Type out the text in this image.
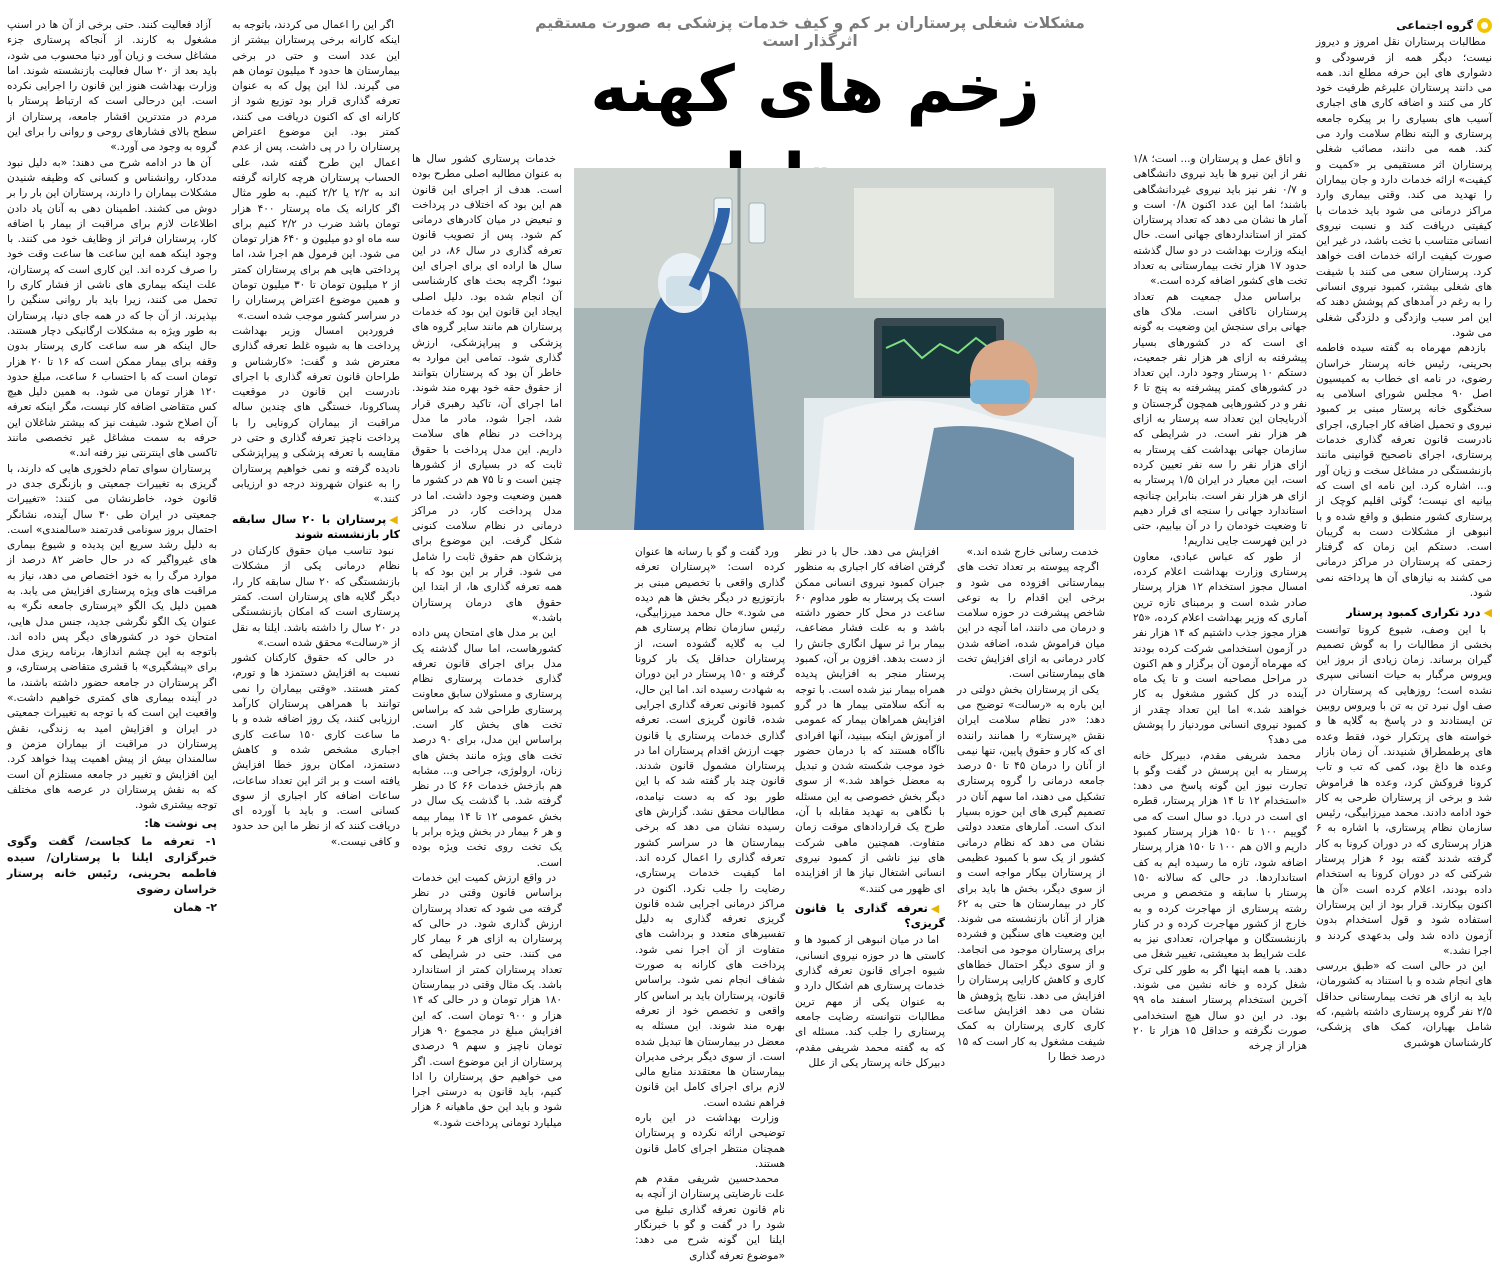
مشکلات شغلی پرستاران بر کم و کیف خدمات پزشکی به صورت مستقیم اثرگذار است
زخم های کهنه
گروه اجتماعی

مطالبات پرستاران نقل امروز و دیروز نیست؛ دیگر همه از فرسودگی و دشواری های این حرفه مطلع اند. همه می دانند پرستاران علیرغم ظرفیت خود کار می کنند و اضافه کاری های اجباری آسیب های بسیاری را بر پیکره جامعه پرستاری و البته نظام سلامت وارد می کند. همه می دانند، مصائب شغلی پرستاران اثر مستقیمی بر «کمیت و کیفیت» ارائه خدمات دارد و جان بیماران را تهدید می کند. وقتی بیماری وارد مراکز درمانی می شود باید خدمات با کیفیتی دریافت کند و نسبت نیروی انسانی متناسب با تخت باشد، در غیر این صورت کیفیت ارائه خدمات افت خواهد کرد. پرستاران سعی می کنند با شیفت های شغلی بیشتر، کمبود نیروی انسانی را به رغم در آمدهای کم پوشش دهند که این امر سبب وازدگی و دلزدگی شغلی می شود.

بازدهم مهرماه به گفته سیده فاطمه بحرینی، رئیس خانه پرستار خراسان رضوی، در نامه ای خطاب به کمیسیون اصل ۹۰ مجلس شورای اسلامی به سخنگوی خانه پرستار مبنی بر کمبود نیروی و تحمیل اضافه کار اجباری، اجرای نادرست قانون تعرفه گذاری خدمات پرستاری، اجرای ناصحیح قوانینی مانند بازنشستگی در مشاغل سخت و زیان آور و... اشاره کرد. این نامه ای است که بیانیه ای نیست؛ گوئی اقلیم کوچک از پرستاری کشور منطبق و واقع شده و با انبوهی از مشکلات دست به گریبان است. دستکم این زمان که گرفتار زحمتی که پرستاران در مراکز درمانی می کشند به نیازهای آن ها پرداخته نمی شود.

◀درد تکراری کمبود پرستار

با این وصف، شیوع کرونا توانست بخشی از مطالبات را به گوش تصمیم گیران برساند. زمان زیادی از بروز این ویروس مرگبار به حیات انسانی سپری نشده است؛ روزهایی که پرستاران در صف اول نبرد تن به تن با ویروس روبین تن ایستادند و در پاسخ به گلایه ها و خواسته های پرتکرار خود، فقط وعده های پرطمطراق شنیدند. آن زمان بازار وعده ها داغ بود، کمی که تب و تاب کرونا فروکش کرد، وعده ها فراموش شد و برخی از پرستاران طرحی به کار خود ادامه دادند. محمد میرزابیگی، رئیس سازمان نظام پرستاری، با اشاره به ۶ هزار پرستاری که در دوران کرونا به کار گرفته شدند گفته بود ۶ هزار پرستار شرکتی که در دوران کرونا به استخدام داده بودند، اعلام کرده است «آن ها اکنون بیکارند. قرار بود از این پرستاران استفاده شود و قول استخدام بدون آزمون داده شد ولی بدعهدی کردند و اجرا نشد.»

این در حالی است که «طبق بررسی های انجام شده و با استناد به کشورمان، باید به ازای هر تخت بیمارستانی حداقل ۲/۵ نفر گروه پرستاری داشته باشیم، که شامل بهیاران، کمک های پزشکی، کارشناسان هوشبری

و اتاق عمل و پرستاران و... است؛ ۱/۸ نفر از این نیرو ها باید نیروی دانشگاهی و ۰/۷ نفر نیز باید نیروی غیردانشگاهی باشند؛ اما این عدد اکنون ۰/۸ است و آمار ها نشان می دهد که تعداد پرستاران کمتر از استانداردهای جهانی است. حال اینکه وزارت بهداشت در دو سال گذشته حدود ۱۷ هزار تخت بیمارستانی به تعداد تخت های کشور اضافه کرده است.»

براساس مدل جمعیت هم تعداد پرستاران ناکافی است. ملاک های جهانی برای سنجش این وضعیت به گونه ای است که در کشورهای بسیار پیشرفته به ازای هر هزار نفر جمعیت، دستکم ۱۰ پرستار وجود دارد. این تعداد در کشورهای کمتر پیشرفته به پنج تا ۶ نفر و در کشورهایی همچون گرجستان و آذربایجان این تعداد سه پرستار به ازای هر هزار نفر است. در شرایطی که سازمان جهانی بهداشت کف پرستار به ازای هزار نفر را سه نفر تعیین کرده است، این معیار در ایران ۱/۵ پرستار به ازای هر هزار نفر است. بنابراین چنانچه استاندارد جهانی را سنجه ای قرار دهیم تا وضعیت خودمان را در آن بیابیم، حتی در این فهرست جایی نداریم!

از طور که عباس عبادی، معاون پرستاری وزارت بهداشت اعلام کرده، امسال مجوز استخدام ۱۲ هزار پرستار صادر شده است و برمبنای تازه ترین آماری که وزیر بهداشت اعلام کرده، «۲۵ هزار مجوز جذب داشتیم که ۱۴ هزار نفر در آزمون استخدامی شرکت کرده بودند که مهرماه آزمون آن برگزار و هم اکنون در مراحل مصاحبه است و تا یک ماه آینده در کل کشور مشغول به کار خواهند شد.» اما این تعداد چقدر از کمبود نیروی انسانی موردنیاز را پوشش می دهد؟

محمد شریفی مقدم، دبیرکل خانه پرستار به این پرسش در گفت وگو با تجارت نیوز این گونه پاسخ می دهد: «استخدام ۱۲ تا ۱۴ هزار پرستار، قطره ای است در دریا. دو سال است که می گوییم ۱۰۰ تا ۱۵۰ هزار پرستار کمبود داریم و الان هم ۱۰۰ تا ۱۵۰ هزار پرستار اضافه شود، تازه ما رسیده ایم به کف استانداردها. در حالی که سالانه ۱۵۰ پرستار با سابقه و متخصص و مربی رشته پرستاری از مهاجرت کرده و به خارج از کشور مهاجرت کرده و در کنار بازنشستگان و مهاجران، تعدادی نیز به علت شرایط بد معیشتی، تغییر شغل می دهند. با همه اینها اگر به طور کلی ترک شغل کرده و خانه نشین می شوند. آخرین استخدام پرستار اسفند ماه ۹۹ بود. در این دو سال هیچ استخدامی صورت نگرفته و حداقل ۱۵ هزار تا ۲۰ هزار از چرخه

خدمت رسانی خارج شده اند.»

اگرچه پیوسته بر تعداد تخت های بیمارستانی افزوده می شود و برخی این اقدام را به نوعی شاخص پیشرفت در حوزه سلامت و درمان می دانند، اما آنچه در این میان فراموش شده، اضافه شدن کادر درمانی به ازای افزایش تخت های بیمارستانی است.

یکی از پرستاران بخش دولتی در این باره به «رسالت» توضیح می دهد: «در نظام سلامت ایران نقش «پرستار» را همانند راننده ای که کار و حقوق پایین، تنها نیمی از آنان را درمان ۴۵ تا ۵۰ درصد جامعه درمانی را گروه پرستاری تشکیل می دهند، اما سهم آنان در تصمیم گیری های این حوزه بسیار اندک است. آمارهای متعدد دولتی نشان می دهد که نظام درمانی کشور از یک سو با کمبود عظیمی از پرستاران بیکار مواجه است و از سوی دیگر، بخش ها باید برای کار در بیمارستان ها حتی به ۶۲ هزار از آنان بازنشسته می شوند. این وضعیت های سنگین و فشرده برای پرستاران موجود می انجامد. و از سوی دیگر احتمال خطاهای کاری و کاهش کارایی پرستاران را افزایش می دهد. نتایج پژوهش ها نشان می دهد افزایش ساعت کاری کاری پرستاران به کمک شیفت مشغول به کار است که ۱۵ درصد خطا را

افزایش می دهد. حال با در نظر گرفتن اضافه کار اجباری به منظور جبران کمبود نیروی انسانی ممکن است یک پرستار به طور مداوم ۶۰ ساعت در محل کار حضور داشته باشد و به علت فشار مضاعف، بیمار برا ثر سهل انگاری جانش را از دست بدهد. افزون بر آن، کمبود پرستار منجر به افزایش پدیده همراه بیمار نیز شده است. با توجه به آنکه سلامتی بیمار ها در گرو افزایش همراهان بیمار که عمومی از آموزش اینکه ببینید، آنها افرادی ناآگاه هستند که با درمان حضور خود موجب شکسته شدن و تبدیل به معضل خواهد شد.» از سوی دیگر بخش خصوصی به این مسئله با نگاهی به تهدید مقابله با آن، طرح یک قراردادهای موقت زمان متفاوت. همچنین ماهی شرکت های نیز ناشی از کمبود نیروی انسانی اشتغال نیاز ها از افزاینده ای ظهور می کنند.»

◀تعرفه گذاری یا قانون گریزی؟

اما در میان انبوهی از کمبود ها و کاستی ها در حوزه نیروی انسانی، شیوه اجرای قانون تعرفه گذاری خدمات پرستاری هم اشکال دارد و به عنوان یکی از مهم ترین مطالبات نتوانسته رضایت جامعه پرستاری را جلب کند. مسئله ای که به گفته محمد شریفی مقدم، دبیرکل خانه پرستار یکی از علل

ورد گفت و گو با رسانه ها عنوان کرده است: «پرستاران تعرفه گذاری واقعی با تخصیص مبنی بر بازتوزیع در دیگر بخش ها هم دیده می شود.» حال محمد میرزابیگی، رئیس سازمان نظام پرستاری هم لب به گلایه گشوده است، از پرستاران حداقل یک بار کرونا گرفته و ۱۵۰ پرستار در این دوران به شهادت رسیده اند. اما این حال، کمبود قانونی تعرفه گذاری اجرایی شده، قانون گریزی است. تعرفه گذاری خدمات پرستاری یا قانون جهت ارزش اقدام پرستاران اما در پرستاران مشمول قانون شدند. قانون چند بار گفته شد که با این طور بود که به دست نیامده، مطالبات محقق نشد. گزارش های رسیده نشان می دهد که برخی بیمارستان ها در سراسر کشور تعرفه گذاری را اعمال کرده اند. اما کیفیت خدمات پرستاری، رضایت را جلب نکرد. اکنون در مراکز درمانی اجرایی شده قانون گریزی تعرفه گذاری به دلیل تفسیرهای متعدد و برداشت های متفاوت از آن اجرا نمی شود. پرداخت های کارانه به صورت شفاف انجام نمی شود. براساس قانون، پرستاران باید بر اساس کار واقعی و تخصص خود از تعرفه بهره مند شوند. این مسئله به معضل در بیمارستان ها تبدیل شده است. از سوی دیگر برخی مدیران بیمارستان ها معتقدند منابع مالی لازم برای اجرای کامل این قانون فراهم نشده است.

وزارت بهداشت در این باره توضیحی ارائه نکرده و پرستاران همچنان منتظر اجرای کامل قانون هستند.

محمدحسین شریفی مقدم هم علت نارضایتی پرستاران از آنچه به نام قانون تعرفه گذاری تبلیغ می شود را در گفت و گو با خبرنگار ایلنا این گونه شرح می دهد: «موضوع تعرفه گذاری

خدمات پرستاری کشور سال ها به عنوان مطالبه اصلی مطرح بوده است. هدف از اجرای این قانون هم این بود که اختلاف در پرداخت و تبعیض در میان کادرهای درمانی کم شود. پس از تصویب قانون تعرفه گذاری در سال ۸۶، در این سال ها اراده ای برای اجرای این نبود؛ اگرچه بحث های کارشناسی آن انجام شده بود. دلیل اصلی ایجاد این قانون این بود که خدمات پرستاران هم مانند سایر گروه های پزشکی و پیراپزشکی، ارزش گذاری شود. تمامی این موارد به خاطر آن بود که پرستاران بتوانند از حقوق حقه خود بهره مند شوند. اما اجرای آن، تاکید رهبری قرار شد، اجرا شود، مادر ما مدل پرداخت در نظام های سلامت داریم. این مدل پرداخت با حقوق ثابت که در بسیاری از کشورها چنین است و تا ۷۵ هم در کشور ما همین وضعیت وجود داشت. اما در مدل پرداخت کار، در مراکز درمانی در نظام سلامت کنونی شکل گرفت. این موضوع برای پزشکان هم حقوق ثابت را شامل می شود. قرار بر این بود که با همه تعرفه گذاری ها، از ابتدا این حقوق های درمان پرستاران باشد.»

این بر مدل های امتحان پس داده کشورهاست، اما سال گذشته یک مدل برای اجرای قانون تعرفه گذاری خدمات پرستاری نظام پرستاری و مسئولان سابق معاونت پرستاری طراحی شد که براساس تخت های بخش کار است. براساس این مدل، برای ۹۰ درصد تخت های ویژه مانند بخش های زنان، ارولوژی، جراحی و... مشابه هم بازخش خدمات ۶۶ کا در نظر گرفته شد. با گذشت یک سال در بخش عمومی ۱۲ تا ۱۴ بیمار بیمه و هر ۶ بیمار در بخش ویژه برابر با یک تخت روی تخت ویژه بوده است.

در واقع ارزش کمیت این خدمات براساس قانون وقتی در نظر گرفته می شود که تعداد پرستاران ارزش گذاری شود. در حالی که پرستاران به ازای هر ۶ بیمار کار می کنند. حتی در شرایطی که تعداد پرستاران کمتر از استاندارد باشد. یک مثال وقتی در بیمارستان ۱۸۰ هزار تومان و در حالی که ۱۴ هزار و ۹۰۰ تومان است. که این افزایش مبلغ در مجموع ۹۰ هزار تومان ناچیز و سهم ۹ درصدی پرستاران از این موضوع است. اگر می خواهیم حق پرستاران را ادا کنیم، باید قانون به درستی اجرا شود و باید این حق ماهیانه ۶ هزار میلیارد تومانی پرداخت شود.»

اگر این را اعمال می کردند، باتوجه به اینکه کارانه برخی پرستاران بیشتر از این عدد است و حتی در برخی بیمارستان ها حدود ۴ میلیون تومان هم می گیرند. لذا این پول که به عنوان تعرفه گذاری قرار بود توزیع شود از کارانه ای که اکنون دریافت می کنند، کمتر بود. این موضوع اعتراض پرستاران را در پی داشت. پس از عدم اعمال این طرح گفته شد، علی الحساب پرستاران هرچه کارانه گرفته اند به ۲/۲ یا ۲/۲ کنیم. به طور مثال اگر کارانه یک ماه پرستار ۴۰۰ هزار تومان باشد ضرب در ۲/۲ کنیم برای سه ماه او دو میلیون و ۶۴۰ هزار تومان می شود. این فرمول هم اجرا شد، اما پرداختی هایی هم برای پرستاران کمتر از ۲ میلیون تومان تا ۳۰ میلیون تومان و همین موضوع اعتراض پرستاران را در سراسر کشور موجب شده است.»

فروردین امسال وزیر بهداشت پرداخت ها به شیوه غلط تعرفه گذاری معترض شد و گفت: «کارشناس و طراحان قانون تعرفه گذاری با اجرای نادرست این قانون در موقعیت پساکرونا، خستگی های چندین ساله مراقبت از بیماران کرونایی را با پرداخت ناچیز تعرفه گذاری و حتی در مقایسه با تعرفه پزشکی و پیراپزشکی نادیده گرفته و نمی خواهیم پرستاران را به عنوان شهروند درجه دو ارزیابی کنند.»

◀پرستاران با ۲۰ سال سابقه کار بازنشسته شوند

نبود تناسب میان حقوق کارکنان در نظام درمانی یکی از مشکلات بازنشستگی که ۲۰ سال سابقه کار را، دیگر گلایه های پرستاران است. کمتر پرستاری است که امکان بازنشستگی در ۲۰ سال را داشته باشد. ایلنا به نقل از «رسالت» محقق شده است.»

در حالی که حقوق کارکنان کشور نسبت به افزایش دستمزد ها و تورم، کمتر هستند. «وقتی بیماران را نمی توانند با همراهی پرستاران کارآمد ارزیابی کنند، یک روز اضافه شده و با ما ساعت کاری ۱۵۰ ساعت کاری اجباری مشخص شده و کاهش دستمزد، امکان بروز خطا افزایش یافته است و بر اثر این تعداد ساعات، ساعات اضافه کار اجباری از سوی کسانی است. و باید با آورده ای دریافت کنند که از نظر ما این حد حدود و کافی نیست.»

آزاد فعالیت کنند. حتی برخی از آن ها در اسنپ مشغول به کارند. از آنجاکه پرستاری جزء مشاغل سخت و زیان آور دنیا محسوب می شود، باید بعد از ۲۰ سال فعالیت بازنشسته شوند. اما وزارت بهداشت هنوز این قانون را اجرایی نکرده است. این درحالی است که ارتباط پرستار با مردم در متدترین اقشار جامعه، پرستاران از سطح بالای فشارهای روحی و روانی را برای این گروه به وجود می آورد.»

آن ها در ادامه شرح می دهند: «به دلیل نبود مددکار، روانشناس و کسانی که وظیفه شنیدن مشکلات بیماران را دارند، پرستاران این بار را بر دوش می کشند. اطمینان دهی به آنان یاد دادن اطلاعات لازم برای مراقبت از بیمار با اضافه کار، پرستاران فراتر از وظایف خود می کنند. با وجود اینکه همه این ساعت ها ساعت وقت خود را صرف کرده اند. این کاری است که پرستاران، علت اینکه بیماری های ناشی از فشار کاری را تحمل می کنند، زیرا باید بار روانی سنگین را بپذیرند. از آن جا که در همه جای دنیا، پرستاران به طور ویژه به مشکلات ارگانیکی دچار هستند. حال اینکه هر سه ساعت کاری پرستار بدون وقفه برای بیمار ممکن است که ۱۶ تا ۲۰ هزار تومان است که با احتساب ۶ ساعت، مبلغ حدود ۱۲۰ هزار تومان می شود. به همین دلیل هیچ کس متقاضی اضافه کار نیست، مگر اینکه تعرفه آن اصلاح شود. شیفت نیز که بیشتر شاغلان این حرفه به سمت مشاغل غیر تخصصی مانند تاکسی های اینترنتی نیز رفته اند.»

پرستاران سوای تمام دلخوری هایی که دارند، با گریزی به تغییرات جمعیتی و بازنگری جدی در قانون خود، خاطرنشان می کنند: «تغییرات جمعیتی در ایران طی ۳۰ سال آینده، نشانگر احتمال بروز سونامی قدرتمند «سالمندی» است. به دلیل رشد سریع این پدیده و شیوع بیماری های غیرواگیر که در حال حاضر ۸۲ درصد از موارد مرگ را به خود اختصاص می دهد، نیاز به مراقبت های ویژه پرستاری افزایش می یابد. به همین دلیل یک الگو «پرستاری جامعه نگر» به عنوان یک الگو نگرشی جدید، جنس مدل هایی، امتحان خود در کشورهای دیگر پس داده اند. باتوجه به این چشم اندازها، برنامه ریزی مدل برای «پیشگیری» با قشری متقاضی پرستاری، و اگر پرستاران در جامعه حضور داشته باشند، ما در آینده بیماری های کمتری خواهیم داشت.» واقعیت این است که با توجه به تغییرات جمعیتی در ایران و افزایش امید به زندگی، نقش پرستاران در مراقبت از بیماران مزمن و سالمندان بیش از پیش اهمیت پیدا خواهد کرد. این افزایش و تغییر در جامعه مستلزم آن است که به نقش پرستاران در عرصه های مختلف توجه بیشتری شود.

پی نوشت ها:
۱- تعرفه ما کجاست/ گفت وگوی خبرگزاری ایلنا با پرستاران/ سیده فاطمه بحرینی، رئیس خانه پرستار خراسان رضوی
۲- همان
